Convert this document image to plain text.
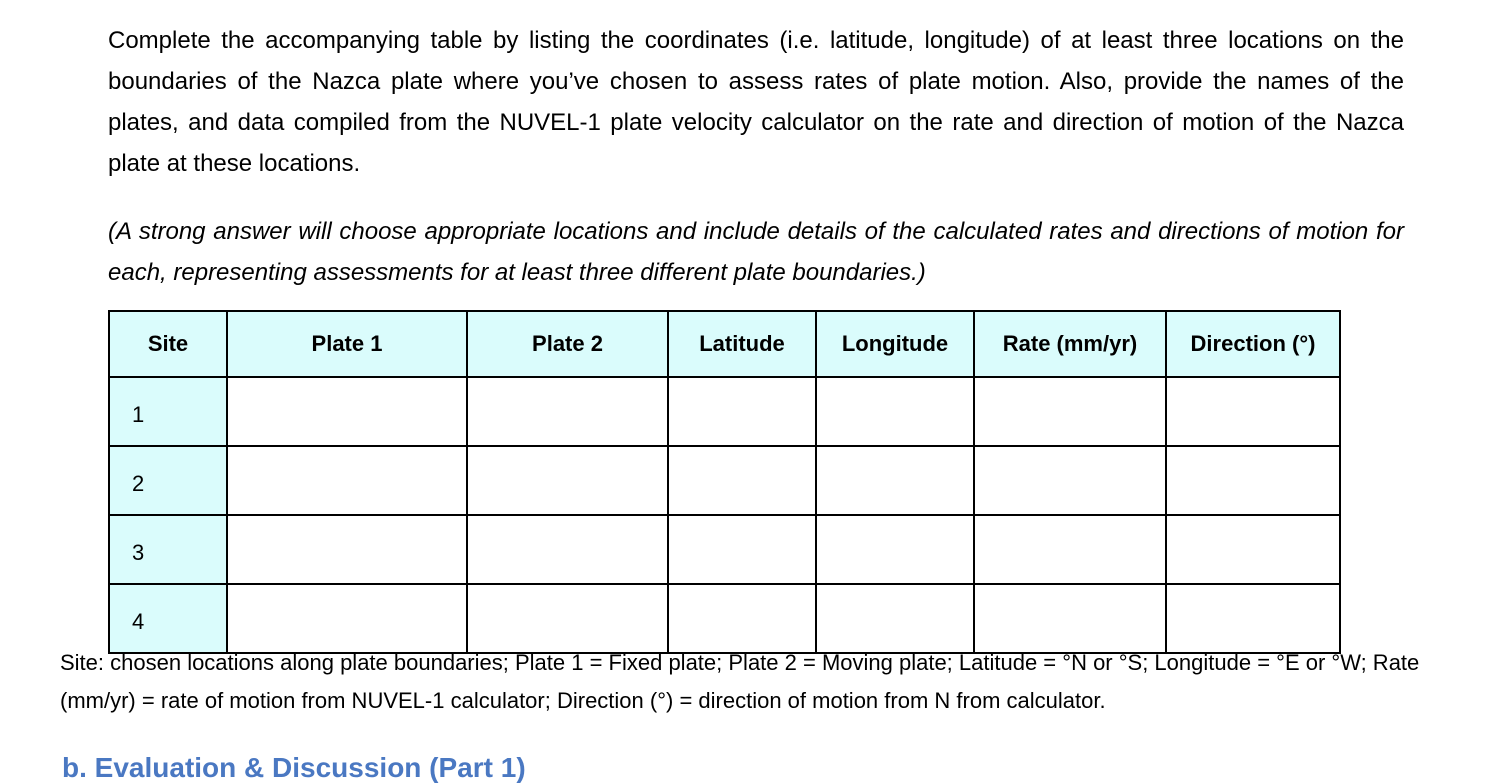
Complete the accompanying table by listing the coordinates (i.e. latitude, longitude) of at least three locations on the boundaries of the Nazca plate where you’ve chosen to assess rates of plate motion. Also, provide the names of the plates, and data compiled from the NUVEL-1 plate velocity calculator on the rate and direction of motion of the Nazca plate at these locations.

(A strong answer will choose appropriate locations and include details of the calculated rates and directions of motion for each, representing assessments for at least three different plate boundaries.)

Site	Plate 1	Plate 2	Latitude	Longitude	Rate (mm/yr)	Direction (°)
1						
2						
3						
4						

Site: chosen locations along plate boundaries; Plate 1 = Fixed plate; Plate 2 = Moving plate; Latitude = °N or °S; Longitude = °E or °W; Rate (mm/yr) = rate of motion from NUVEL-1 calculator; Direction (°) = direction of motion from N from calculator.

b. Evaluation & Discussion (Part 1)
